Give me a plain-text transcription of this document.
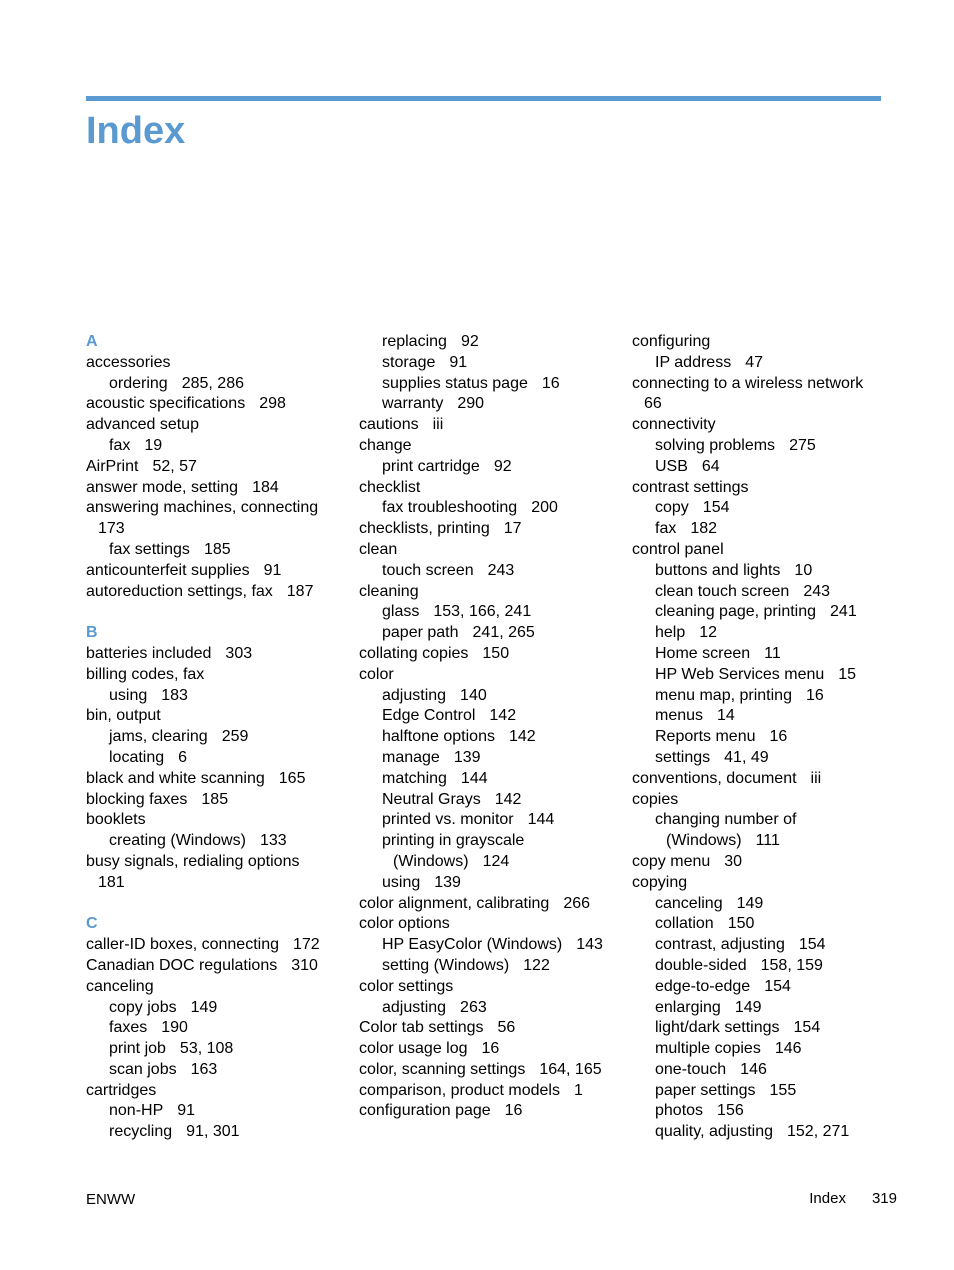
Index
A
accessories
ordering 285, 286
acoustic specifications 298
advanced setup
fax 19
AirPrint 52, 57
answer mode, setting 184
answering machines, connecting
173
fax settings 185
anticounterfeit supplies 91
autoreduction settings, fax 187
B
batteries included 303
billing codes, fax
using 183
bin, output
jams, clearing 259
locating 6
black and white scanning 165
blocking faxes 185
booklets
creating (Windows) 133
busy signals, redialing options
181
C
caller-ID boxes, connecting 172
Canadian DOC regulations 310
canceling
copy jobs 149
faxes 190
print job 53, 108
scan jobs 163
cartridges
non-HP 91
recycling 91, 301
replacing 92
storage 91
supplies status page 16
warranty 290
cautions iii
change
print cartridge 92
checklist
fax troubleshooting 200
checklists, printing 17
clean
touch screen 243
cleaning
glass 153, 166, 241
paper path 241, 265
collating copies 150
color
adjusting 140
Edge Control 142
halftone options 142
manage 139
matching 144
Neutral Grays 142
printed vs. monitor 144
printing in grayscale
(Windows) 124
using 139
color alignment, calibrating 266
color options
HP EasyColor (Windows) 143
setting (Windows) 122
color settings
adjusting 263
Color tab settings 56
color usage log 16
color, scanning settings 164, 165
comparison, product models 1
configuration page 16
configuring
IP address 47
connecting to a wireless network
66
connectivity
solving problems 275
USB 64
contrast settings
copy 154
fax 182
control panel
buttons and lights 10
clean touch screen 243
cleaning page, printing 241
help 12
Home screen 11
HP Web Services menu 15
menu map, printing 16
menus 14
Reports menu 16
settings 41, 49
conventions, document iii
copies
changing number of
(Windows) 111
copy menu 30
copying
canceling 149
collation 150
contrast, adjusting 154
double-sided 158, 159
edge-to-edge 154
enlarging 149
light/dark settings 154
multiple copies 146
one-touch 146
paper settings 155
photos 156
quality, adjusting 152, 271
ENWW	Index 319
